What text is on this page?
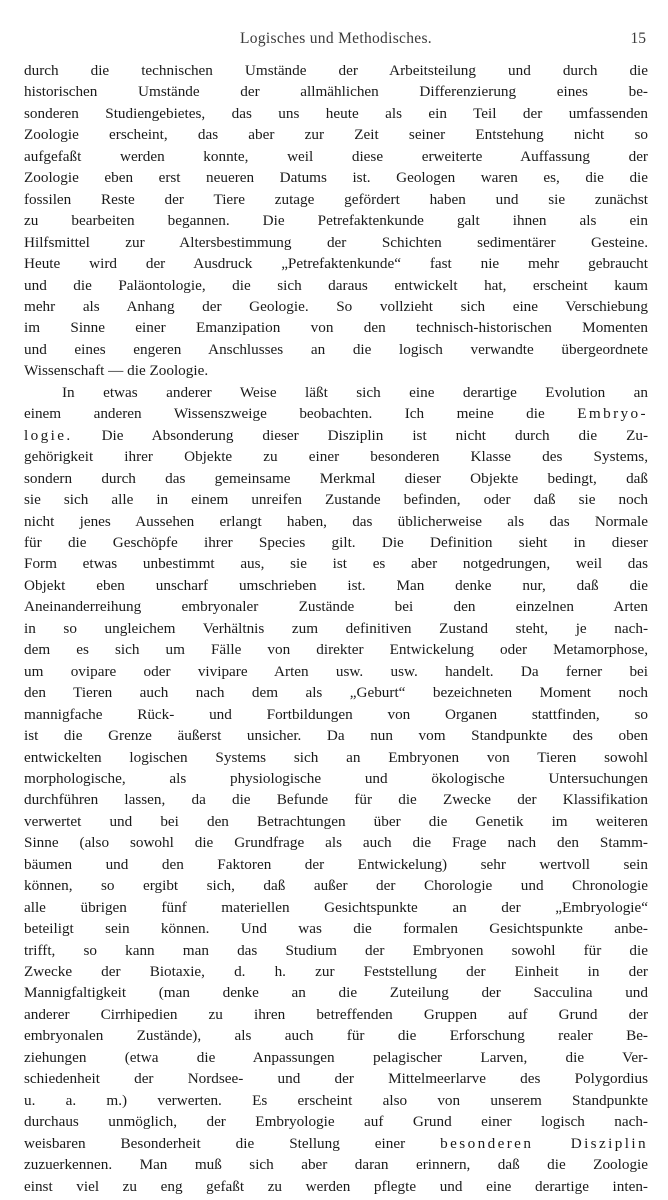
Logisches und Methodisches.	15
durch die technischen Umstände der Arbeitsteilung und durch die
historischen Umstände der allmählichen Differenzierung eines be-
sonderen Studiengebietes, das uns heute als ein Teil der umfassenden
Zoologie erscheint, das aber zur Zeit seiner Entstehung nicht so
aufgefaßt werden konnte, weil diese erweiterte Auffassung der
Zoologie eben erst neueren Datums ist. Geologen waren es, die die
fossilen Reste der Tiere zutage gefördert haben und sie zunächst
zu bearbeiten begannen. Die Petrefaktenkunde galt ihnen als ein
Hilfsmittel zur Altersbestimmung der Schichten sedimentärer Gesteine.
Heute wird der Ausdruck „Petrefaktenkunde“ fast nie mehr gebraucht
und die Paläontologie, die sich daraus entwickelt hat, erscheint kaum
mehr als Anhang der Geologie. So vollzieht sich eine Verschiebung
im Sinne einer Emanzipation von den technisch-historischen Momenten
und eines engeren Anschlusses an die logisch verwandte übergeordnete
Wissenschaft — die Zoologie.
In etwas anderer Weise läßt sich eine derartige Evolution an
einem anderen Wissenszweige beobachten. Ich meine die Embryo-
logie. Die Absonderung dieser Disziplin ist nicht durch die Zu-
gehörigkeit ihrer Objekte zu einer besonderen Klasse des Systems,
sondern durch das gemeinsame Merkmal dieser Objekte bedingt, daß
sie sich alle in einem unreifen Zustande befinden, oder daß sie noch
nicht jenes Aussehen erlangt haben, das üblicherweise als das Normale
für die Geschöpfe ihrer Species gilt. Die Definition sieht in dieser
Form etwas unbestimmt aus, sie ist es aber notgedrungen, weil das
Objekt eben unscharf umschrieben ist. Man denke nur, daß die
Aneinanderreihung embryonaler Zustände bei den einzelnen Arten
in so ungleichem Verhältnis zum definitiven Zustand steht, je nach-
dem es sich um Fälle von direkter Entwickelung oder Metamorphose,
um ovipare oder vivipare Arten usw. usw. handelt. Da ferner bei
den Tieren auch nach dem als „Geburt“ bezeichneten Moment noch
mannigfache Rück- und Fortbildungen von Organen stattfinden, so
ist die Grenze äußerst unsicher. Da nun vom Standpunkte des oben
entwickelten logischen Systems sich an Embryonen von Tieren sowohl
morphologische, als physiologische und ökologische Untersuchungen
durchführen lassen, da die Befunde für die Zwecke der Klassifikation
verwertet und bei den Betrachtungen über die Genetik im weiteren
Sinne (also sowohl die Grundfrage als auch die Frage nach den Stamm-
bäumen und den Faktoren der Entwickelung) sehr wertvoll sein
können, so ergibt sich, daß außer der Chorologie und Chronologie
alle übrigen fünf materiellen Gesichtspunkte an der „Embryologie“
beteiligt sein können. Und was die formalen Gesichtspunkte anbe-
trifft, so kann man das Studium der Embryonen sowohl für die
Zwecke der Biotaxie, d. h. zur Feststellung der Einheit in der
Mannigfaltigkeit (man denke an die Zuteilung der Sacculina und
anderer Cirrhipedien zu ihren betreffenden Gruppen auf Grund der
embryonalen Zustände), als auch für die Erforschung realer Be-
ziehungen (etwa die Anpassungen pelagischer Larven, die Ver-
schiedenheit der Nordsee- und der Mittelmeerlarve des Polygordius
u. a. m.) verwerten. Es erscheint also von unserem Standpunkte
durchaus unmöglich, der Embryologie auf Grund einer logisch nach-
weisbaren Besonderheit die Stellung einer besonderen Disziplin
zuzuerkennen. Man muß sich aber daran erinnern, daß die Zoologie
einst viel zu eng gefaßt zu werden pflegte und eine derartige inten-
